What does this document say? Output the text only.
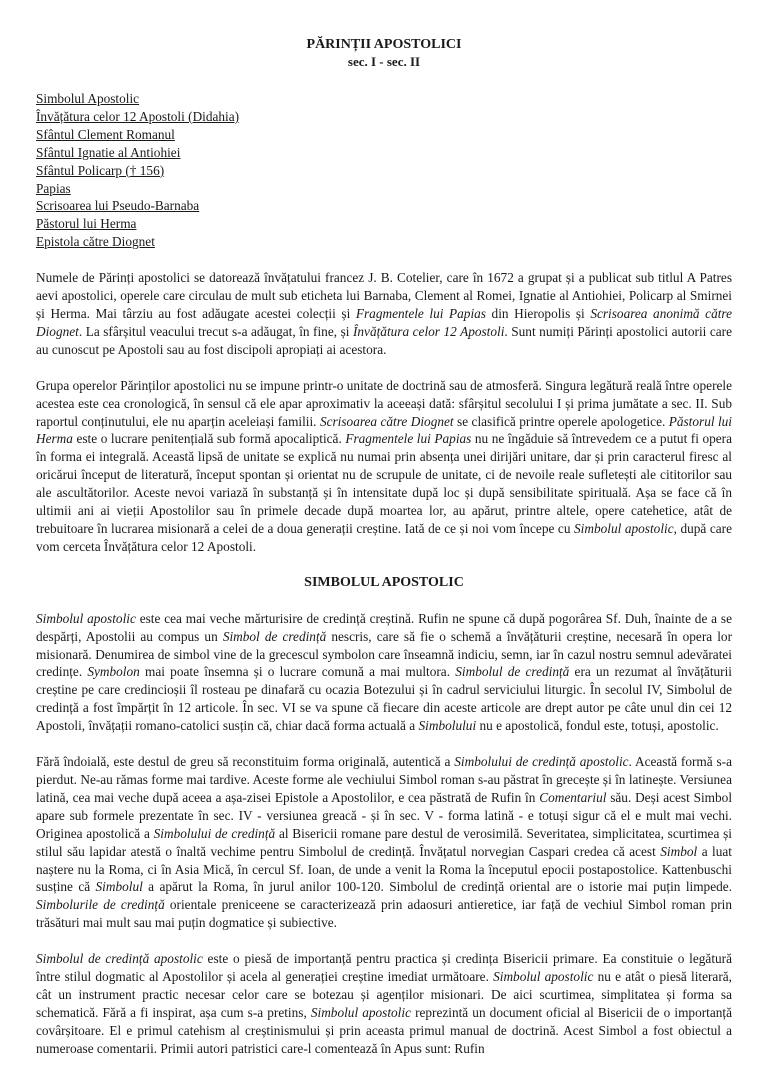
PĂRINȚII APOSTOLICI
sec. I - sec. II
Simbolul Apostolic
Învățătura celor 12 Apostoli (Didahia)
Sfântul Clement Romanul
Sfântul Ignatie al Antiohiei
Sfântul Policarp († 156)
Papias
Scrisoarea lui Pseudo-Barnaba
Păstorul lui Herma
Epistola către Diognet

Numele de Părinți apostolici se datorează învățatului francez J. B. Cotelier, care în 1672 a grupat și a publicat sub titlul A Patres aevi apostolici, operele care circulau de mult sub eticheta lui Barnaba, Clement al Romei, Ignatie al Antiohiei, Policarp al Smirnei și Herma. Mai târziu au fost adăugate acestei colecții și Fragmentele lui Papias din Hieropolis și Scrisoarea anonimă către Diognet. La sfârșitul veacului trecut s-a adăugat, în fine, și Învățătura celor 12 Apostoli. Sunt numiți Părinți apostolici autorii care au cunoscut pe Apostoli sau au fost discipoli apropiați ai acestora.

Grupa operelor Părinților apostolici nu se impune printr-o unitate de doctrină sau de atmosferă. Singura legătură reală între operele acestea este cea cronologică, în sensul că ele apar aproximativ la aceeași dată: sfârșitul secolului I și prima jumătate a sec. II. Sub raportul conținutului, ele nu aparțin aceleiași familii. Scrisoarea către Diognet se clasifică printre operele apologetice. Păstorul lui Herma este o lucrare penitențială sub formă apocaliptică. Fragmentele lui Papias nu ne îngăduie să întrevedem ce a putut fi opera în forma ei integrală. Această lipsă de unitate se explică nu numai prin absența unei dirijări unitare, dar și prin caracterul firesc al oricărui început de literatură, început spontan și orientat nu de scrupule de unitate, ci de nevoile reale sufletești ale cititorilor sau ale ascultătorilor. Aceste nevoi variază în substanță și în intensitate după loc și după sensibilitate spirituală. Așa se face că în ultimii ani ai vieții Apostolilor sau în primele decade după moartea lor, au apărut, printre altele, opere catehetice, atât de trebuitoare în lucrarea misionară a celei de a doua generații creștine. Iată de ce și noi vom începe cu Simbolul apostolic, după care vom cerceta Învățătura celor 12 Apostoli.

SIMBOLUL APOSTOLIC

Simbolul apostolic este cea mai veche mărturisire de credință creștină. Rufin ne spune că după pogorârea Sf. Duh, înainte de a se despărți, Apostolii au compus un Simbol de credință nescris, care să fie o schemă a învățăturii creștine, necesară în opera lor misionară. Denumirea de simbol vine de la grecescul symbolon care înseamnă indiciu, semn, iar în cazul nostru semnul adevăratei credințe. Symbolon mai poate însemna și o lucrare comună a mai multora. Simbolul de credință era un rezumat al învățăturii creștine pe care credincioșii îl rosteau pe dinafară cu ocazia Botezului și în cadrul serviciului liturgic. În secolul IV, Simbolul de credință a fost împărțit în 12 articole. În sec. VI se va spune că fiecare din aceste articole are drept autor pe câte unul din cei 12 Apostoli, învățații romano-catolici susțin că, chiar dacă forma actuală a Simbolului nu e apostolică, fondul este, totuși, apostolic.

Fără îndoială, este destul de greu să reconstituim forma originală, autentică a Simbolului de credință apostolic. Această formă s-a pierdut. Ne-au rămas forme mai tardive. Aceste forme ale vechiului Simbol roman s-au păstrat în grecește și în latinește. Versiunea latină, cea mai veche după aceea a așa-zisei Epistole a Apostolilor, e cea păstrată de Rufin în Comentariul său. Deși acest Simbol apare sub formele prezentate în sec. IV - versiunea greacă - și în sec. V - forma latină - e totuși sigur că el e mult mai vechi. Originea apostolică a Simbolului de credință al Bisericii romane pare destul de verosimilă. Severitatea, simplicitatea, scurtimea și stilul său lapidar atestă o înaltă vechime pentru Simbolul de credință. Învățatul norvegian Caspari credea că acest Simbol a luat naștere nu la Roma, ci în Asia Mică, în cercul Sf. Ioan, de unde a venit la Roma la începutul epocii postapostolice. Kattenbuschi susține că Simbolul a apărut la Roma, în jurul anilor 100-120. Simbolul de credință oriental are o istorie mai puțin limpede. Simbolurile de credință orientale preniceene se caracterizează prin adaosuri antieretice, iar față de vechiul Simbol roman prin trăsături mai mult sau mai puțin dogmatice și subiective.

Simbolul de credință apostolic este o piesă de importanță pentru practica și credința Bisericii primare. Ea constituie o legătură între stilul dogmatic al Apostolilor și acela al generației creștine imediat următoare. Simbolul apostolic nu e atât o piesă literară, cât un instrument practic necesar celor care se botezau și agenților misionari. De aici scurtimea, simplitatea și forma sa schematică. Fără a fi inspirat, așa cum s-a pretins, Simbolul apostolic reprezintă un document oficial al Bisericii de o importanță covârșitoare. El e primul catehism al creștinismului și prin aceasta primul manual de doctrină. Acest Simbol a fost obiectul a numeroase comentarii. Primii autori patristici care-l comentează în Apus sunt: Rufin
